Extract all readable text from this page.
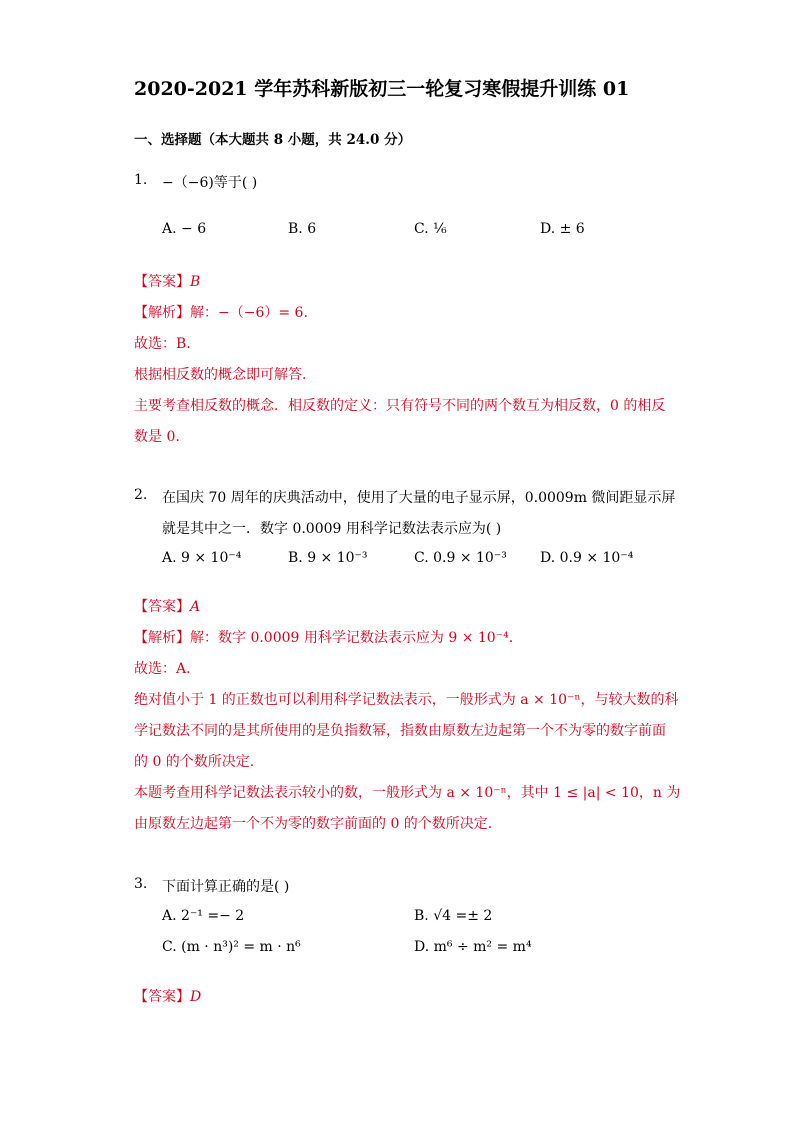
2020-2021 学年苏科新版初三一轮复习寒假提升训练 01
一、选择题（本大题共 8 小题，共 24.0 分）
1. −（−6)等于( )
A. − 6	B. 6	C. ¹⁄₆	D. ± 6
【答案】B
【解析】解：−（−6）= 6.
故选：B.
根据相反数的概念即可解答.
主要考查相反数的概念．相反数的定义：只有符号不同的两个数互为相反数，0 的相反
数是 0.
2. 在国庆 70 周年的庆典活动中，使用了大量的电子显示屏，0.0009m 微间距显示屏
就是其中之一．数字 0.0009 用科学记数法表示应为( )
A. 9 × 10⁻⁴	B. 9 × 10⁻³	C. 0.9 × 10⁻³ D. 0.9 × 10⁻⁴
【答案】A
【解析】解：数字 0.0009 用科学记数法表示应为 9 × 10⁻⁴.
故选：A.
绝对值小于 1 的正数也可以利用科学记数法表示，一般形式为 a × 10⁻ⁿ，与较大数的科
学记数法不同的是其所使用的是负指数幂，指数由原数左边起第一个不为零的数字前面
的 0 的个数所决定.
本题考查用科学记数法表示较小的数，一般形式为 a × 10⁻ⁿ，其中 1 ≤ |a| < 10，n 为
由原数左边起第一个不为零的数字前面的 0 的个数所决定.
3. 下面计算正确的是( )
A. 2⁻¹ =− 2	B. √4 =± 2
C. (m · n³)² = m · n⁶	D. m⁶ ÷ m² = m⁴
【答案】D
